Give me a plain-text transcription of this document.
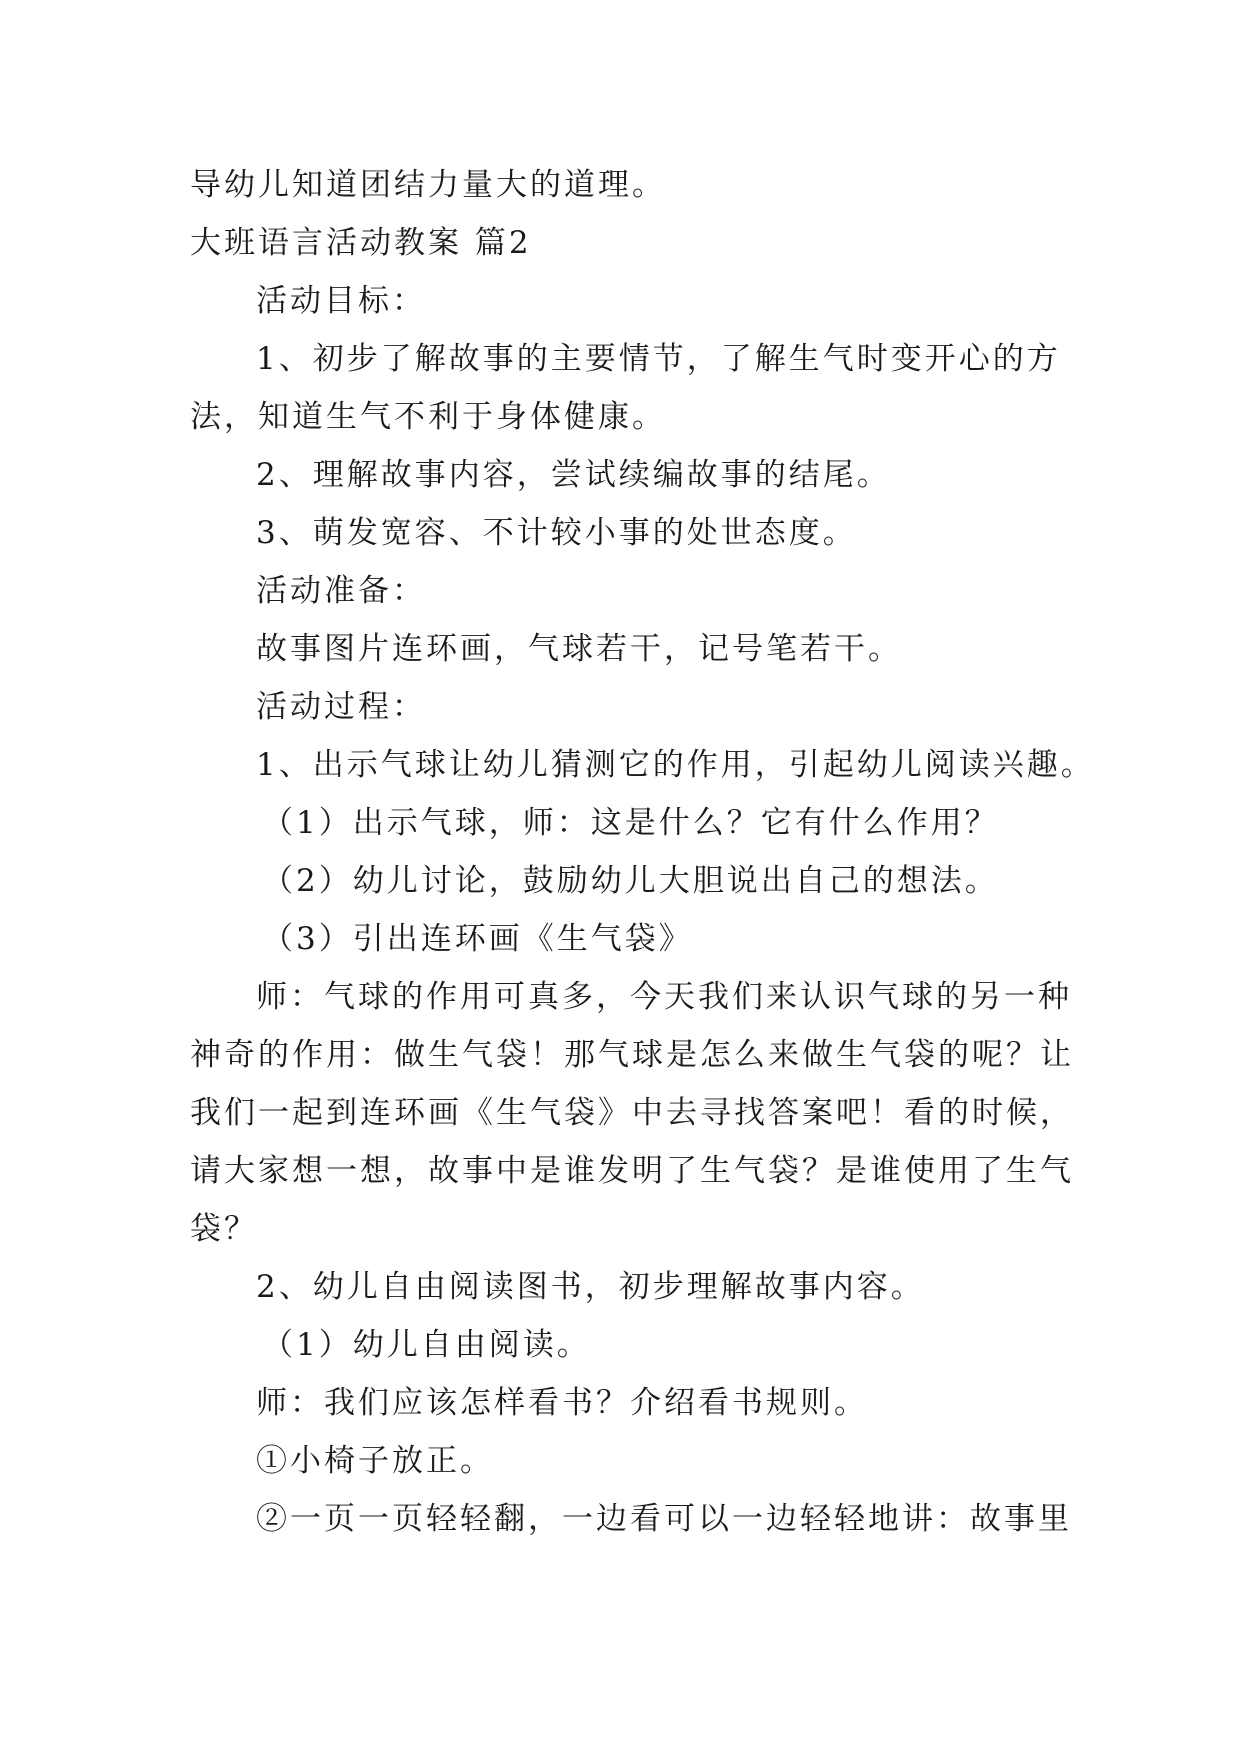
导幼儿知道团结力量大的道理。
大班语言活动教案 篇2
活动目标：
1、初步了解故事的主要情节，了解生气时变开心的方
法，知道生气不利于身体健康。
2、理解故事内容，尝试续编故事的结尾。
3、萌发宽容、不计较小事的处世态度。
活动准备：
故事图片连环画，气球若干，记号笔若干。
活动过程：
1、出示气球让幼儿猜测它的作用，引起幼儿阅读兴趣。
（1）出示气球，师：这是什么？它有什么作用？
（2）幼儿讨论，鼓励幼儿大胆说出自己的想法。
（3）引出连环画《生气袋》
师：气球的作用可真多，今天我们来认识气球的另一种
神奇的作用：做生气袋！那气球是怎么来做生气袋的呢？让
我们一起到连环画《生气袋》中去寻找答案吧！看的时候，
请大家想一想，故事中是谁发明了生气袋？是谁使用了生气
袋？
2、幼儿自由阅读图书，初步理解故事内容。
（1）幼儿自由阅读。
师：我们应该怎样看书？介绍看书规则。
①小椅子放正。
②一页一页轻轻翻，一边看可以一边轻轻地讲：故事里
